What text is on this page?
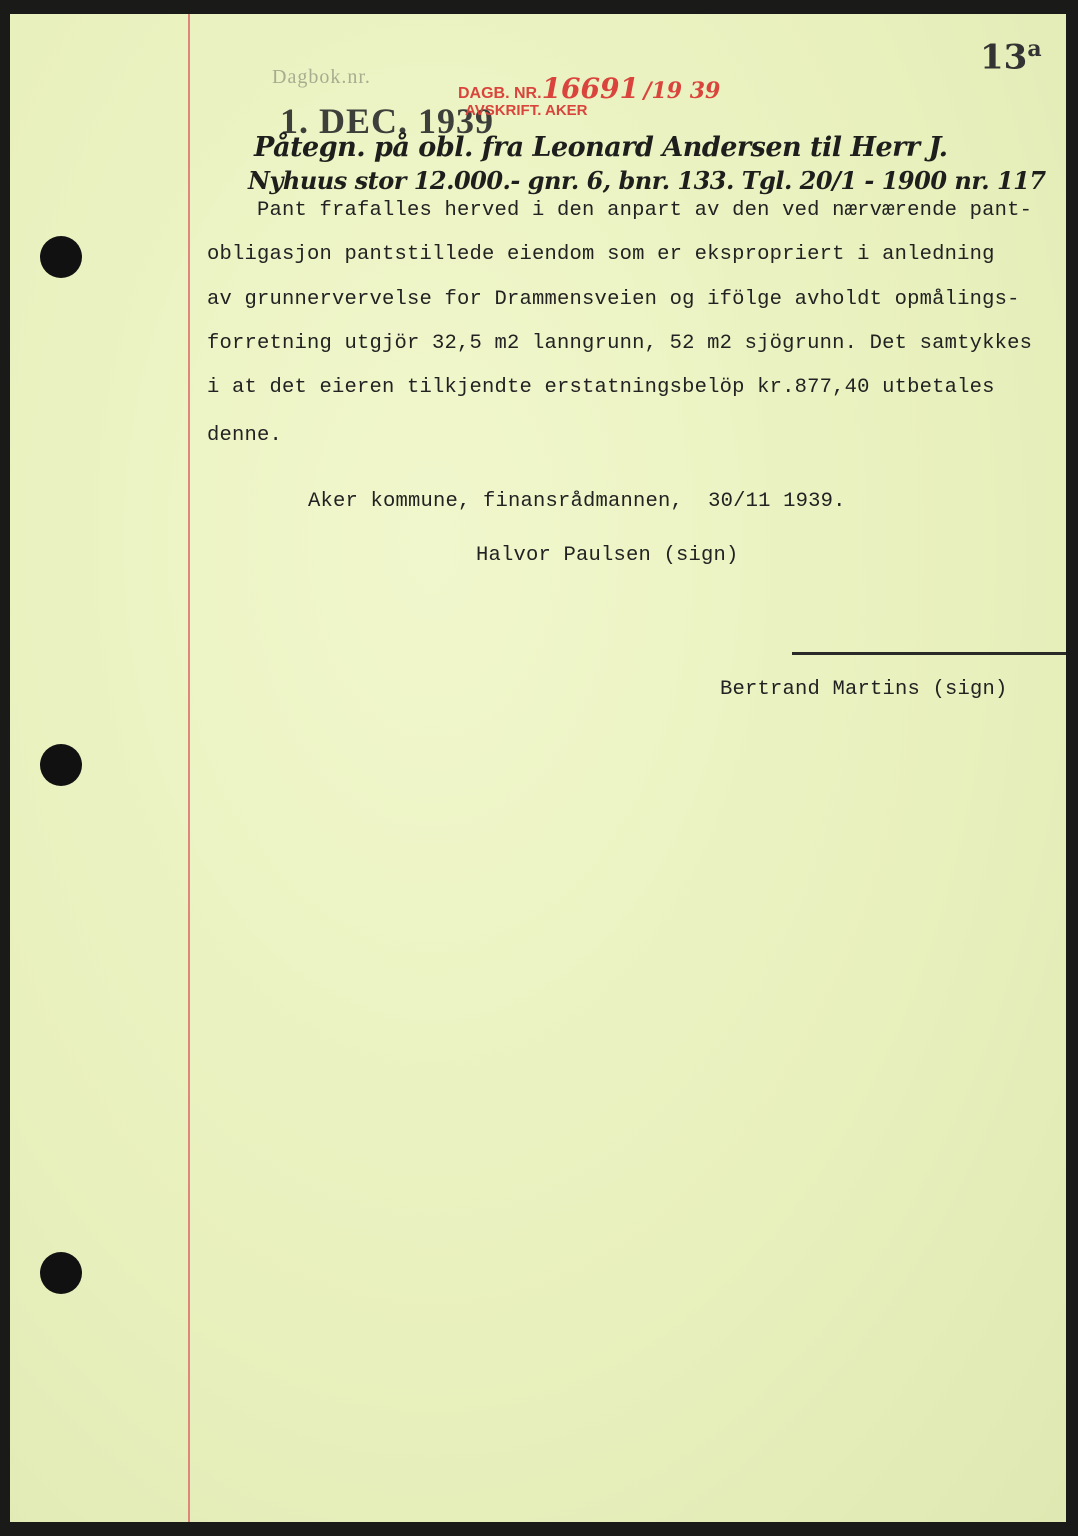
13$^a$
Dagbok.nr.
1. DEC. 1939
DAGB. NR.16691 /19 39
AVSKRIFT. AKER
Påtegn. på obl. fra Leonard Andersen til Herr J.
Nyhuus stor 12.000.- gnr. 6, bnr. 133. Tgl. 20/1 - 1900 nr. 117
Pant frafalles herved i den anpart av den ved nærværende pant-
obligasjon pantstillede eiendom som er ekspropriert i anledning
av grunnervervelse for Drammensveien og ifölge avholdt opmålings-
forretning utgjör 32,5 m2 lanngrunn, 52 m2 sjögrunn. Det samtykkes
i at det eieren tilkjendte erstatningsbelöp kr.877,40 utbetales
denne.
Aker kommune, finansrådmannen,  30/11 1939.
Halvor Paulsen (sign)
Bertrand Martins (sign)
